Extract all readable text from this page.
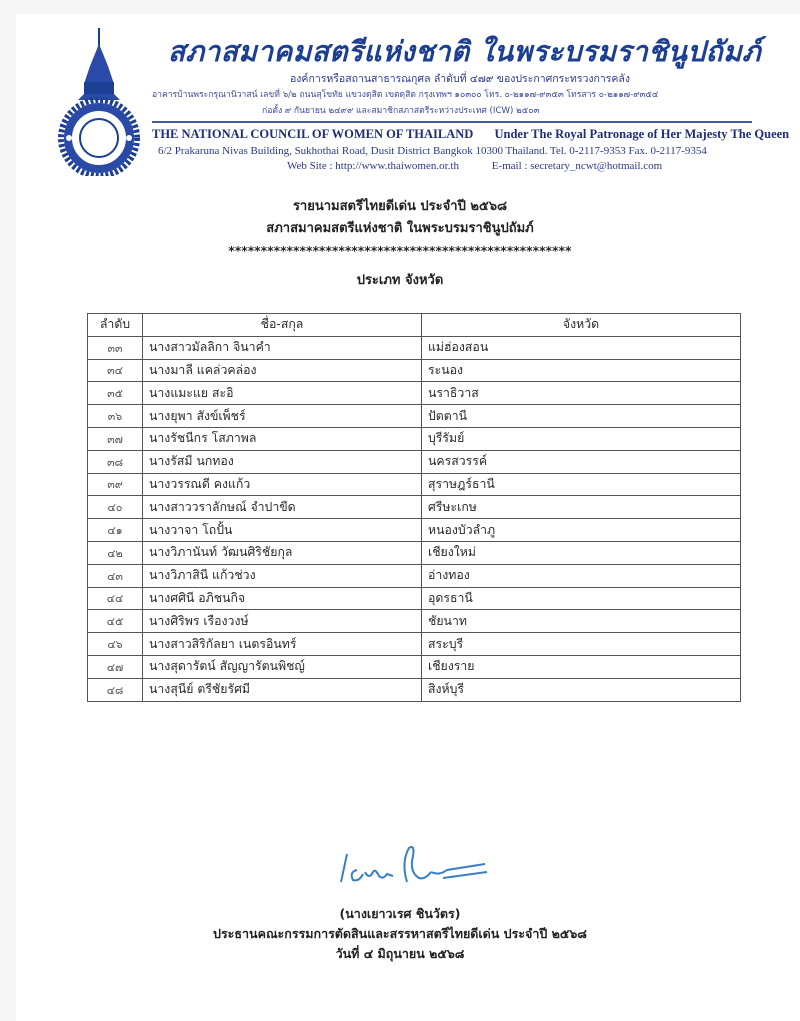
สภาสมาคมสตรีแห่งชาติ ในพระบรมราชินูปถัมภ์
องค์การหรือสถานสาธารณกุศล ลำดับที่ ๔๗๙ ของประกาศกระทรวงการคลัง
อาคารบ้านพระกรุณานิวาสน์ เลขที่ ๖/๒ ถนนสุโขทัย แขวงดุสิต เขตดุสิต กรุงเทพฯ ๑๐๓๐๐ โทร. ๐-๒๑๑๗-๙๓๕๓ โทรสาร ๐-๒๑๑๗-๙๓๕๔
ก่อตั้ง ๙ กันยายน ๒๔๙๙ และสมาชิกสภาสตรีระหว่างประเทศ (ICW) ๒๕๐๓
THE NATIONAL COUNCIL OF WOMEN OF THAILAND Under The Royal Patronage of Her Majesty The Queen
6/2 Prakaruna Nivas Building, Sukhothai Road, Dusit District Bangkok 10300 Thailand. Tel. 0-2117-9353 Fax. 0-2117-9354
Web Site : http://www.thaiwomen.or.th	E-mail : secretary_ncwt@hotmail.com
รายนามสตรีไทยดีเด่น ประจำปี ๒๕๖๘
สภาสมาคมสตรีแห่งชาติ ในพระบรมราชินูปถัมภ์
*****************************************************
ประเภท จังหวัด
ลำดับ	ชื่อ-สกุล	จังหวัด
๓๓	นางสาวมัลลิกา จินาคำ	แม่ฮ่องสอน
๓๔	นางมาลี แคล่วคล่อง	ระนอง
๓๕	นางแมะแย สะอิ	นราธิวาส
๓๖	นางยุพา สังข์เพ็ชร์	ปัตตานี
๓๗	นางรัชนีกร โสภาพล	บุรีรัมย์
๓๘	นางรัสมี นกทอง	นครสวรรค์
๓๙	นางวรรณดี คงแก้ว	สุราษฎร์ธานี
๔๐	นางสาววราลักษณ์ จำปาขีด	ศรีษะเกษ
๔๑	นางวาจา โถปั้น	หนองบัวลำภู
๔๒	นางวิภานันท์ วัฒนศิริชัยกุล	เชียงใหม่
๔๓	นางวิภาสินี แก้วช่วง	อ่างทอง
๔๔	นางศศินี อภิชนกิจ	อุดรธานี
๔๕	นางศิริพร เรืองวงษ์	ชัยนาท
๔๖	นางสาวสิริกัลยา เนตรอินทร์	สระบุรี
๔๗	นางสุดารัตน์ สัญญารัตนพิชญ์	เชียงราย
๔๘	นางสุนีย์ ตรีชัยรัศมี	สิงห์บุรี
(นางเยาวเรศ ชินวัตร)
ประธานคณะกรรมการตัดสินและสรรหาสตรีไทยดีเด่น ประจำปี ๒๕๖๘
วันที่ ๔ มิถุนายน ๒๕๖๘
